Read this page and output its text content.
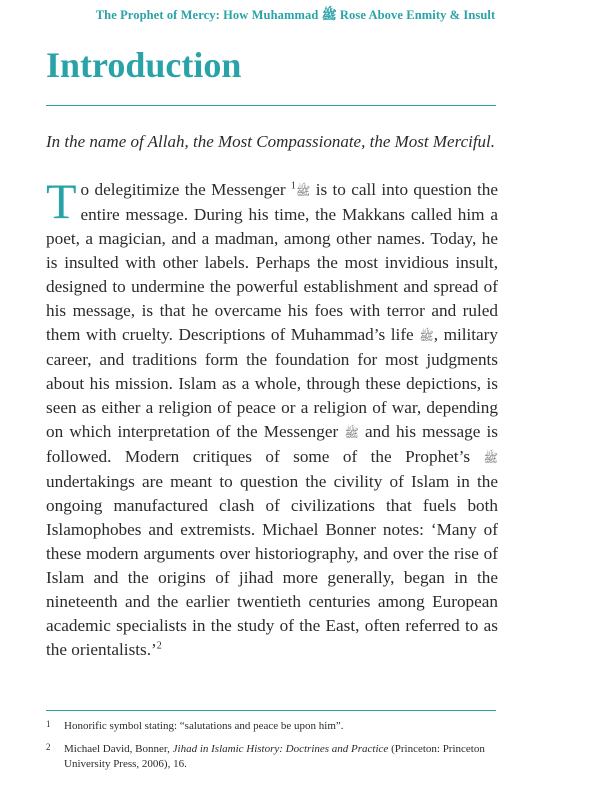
The Prophet of Mercy: How Muhammad ﷺ Rose Above Enmity & Insult
Introduction
In the name of Allah, the Most Compassionate, the Most Merciful.

To delegitimize the Messenger ﷺ$^1$ is to call into question the entire message. During his time, the Makkans called him a poet, a magician, and a madman, among other names. Today, he is insulted with other labels. Perhaps the most invidious insult, designed to undermine the powerful establishment and spread of his message, is that he overcame his foes with terror and ruled them with cruelty. Descriptions of Muhammad’s life ﷺ, military career, and traditions form the foundation for most judgments about his mission. Islam as a whole, through these depictions, is seen as either a religion of peace or a religion of war, depending on which interpretation of the Messenger ﷺ and his message is followed. Modern critiques of some of the Prophet’s ﷺ undertakings are meant to question the civility of Islam in the ongoing manufactured clash of civilizations that fuels both Islamophobes and extremists. Michael Bonner notes: ‘Many of these modern arguments over historiography, and over the rise of Islam and the origins of jihad more generally, began in the nineteenth and the earlier twentieth centuries among European academic specialists in the study of the East, often referred to as the orientalists.’$^2$

1	Honorific symbol stating: “salutations and peace be upon him”.
2	Michael David, Bonner, Jihad in Islamic History: Doctrines and Practice (Princeton: Princeton University Press, 2006), 16.
